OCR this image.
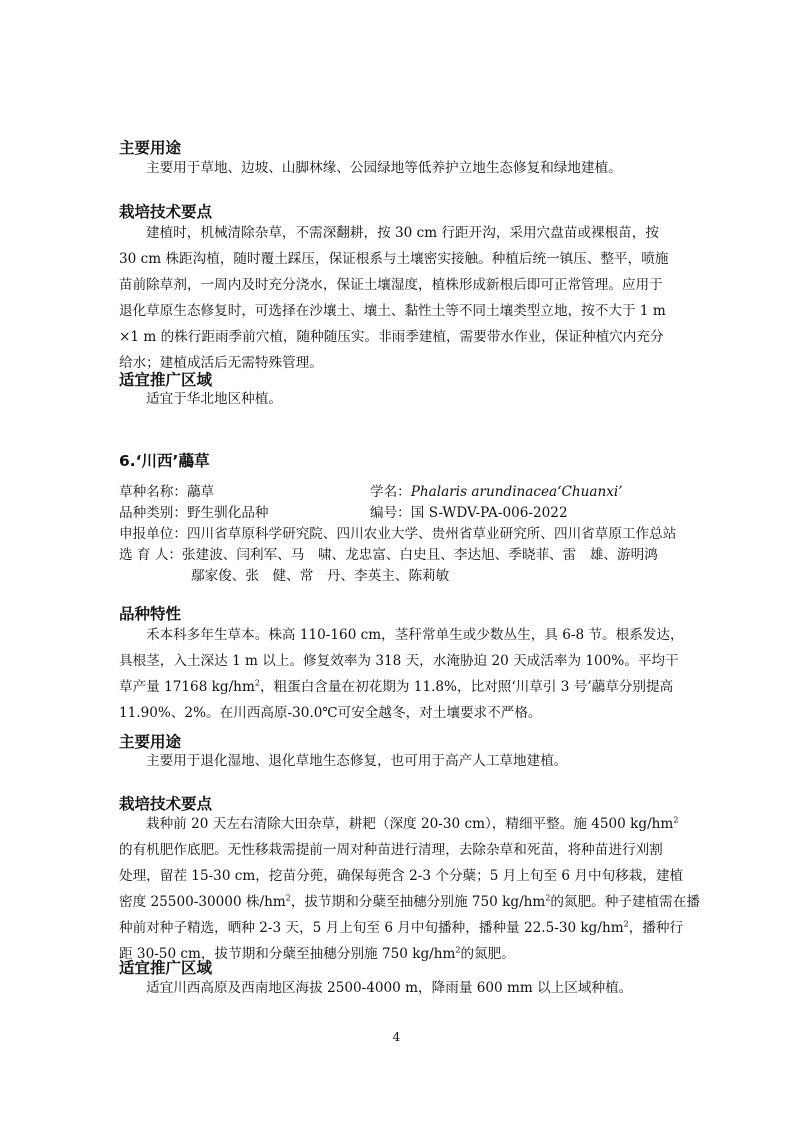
主要用途

主要用于草地、边坡、山脚林缘、公园绿地等低养护立地生态修复和绿地建植。

栽培技术要点
建植时，机械清除杂草，不需深翻耕，按 30 cm 行距开沟，采用穴盘苗或裸根苗，按
30 cm 株距沟植，随时覆土踩压，保证根系与土壤密实接触。种植后统一镇压、整平，喷施
苗前除草剂，一周内及时充分浇水，保证土壤湿度，植株形成新根后即可正常管理。应用于
退化草原生态修复时，可选择在沙壤土、壤土、黏性土等不同土壤类型立地，按不大于 1 m
×1 m 的株行距雨季前穴植，随种随压实。非雨季建植，需要带水作业，保证种植穴内充分
给水；建植成活后无需特殊管理。
适宜推广区域

适宜于华北地区种植。

6.‘川西’虉草
草种名称：虉草	学名：Phalaris arundinacea‘Chuanxi’
品种类别：野生驯化品种	编号：国 S-WDV-PA-006-2022
申报单位：四川省草原科学研究院、四川农业大学、贵州省草业研究所、四川省草原工作总站
选 育 人：张建波、闫利军、马　啸、龙忠富、白史且、李达旭、季晓菲、雷　雄、游明鸿
鄢家俊、张　健、常　丹、李英主、陈莉敏
品种特性
禾本科多年生草本。株高 110-160 cm，茎秆常单生或少数丛生，具 6-8 节。根系发达，
具根茎，入土深达 1 m 以上。修复效率为 318 天，水淹胁迫 20 天成活率为 100%。平均干
草产量 17168 $kg/hm^2$，粗蛋白含量在初花期为 11.8%，比对照‘川草引 3 号’虉草分别提高
11.90%、2%。在川西高原-30.0℃可安全越冬，对土壤要求不严格。
主要用途

主要用于退化湿地、退化草地生态修复，也可用于高产人工草地建植。

栽培技术要点
栽种前 20 天左右清除大田杂草，耕耙（深度 20-30 cm），精细平整。施 4500 $kg/hm^2$
的有机肥作底肥。无性移栽需提前一周对种苗进行清理，去除杂草和死苗，将种苗进行刈割
处理，留茬 15-30 cm，挖苗分蔸，确保每蔸含 2-3 个分蘖；5 月上旬至 6 月中旬移栽，建植
密度 25500-30000 株$/hm^2$，拔节期和分蘖至抽穗分别施 750 $kg/hm^2$的氮肥。种子建植需在播
种前对种子精选，晒种 2-3 天，5 月上旬至 6 月中旬播种，播种量 22.5-30 $kg/hm^2$，播种行
距 30-50 cm，拔节期和分蘖至抽穗分别施 750 $kg/hm^2$的氮肥。
适宜推广区域

适宜川西高原及西南地区海拔 2500-4000 m，降雨量 600 mm 以上区域种植。

4
